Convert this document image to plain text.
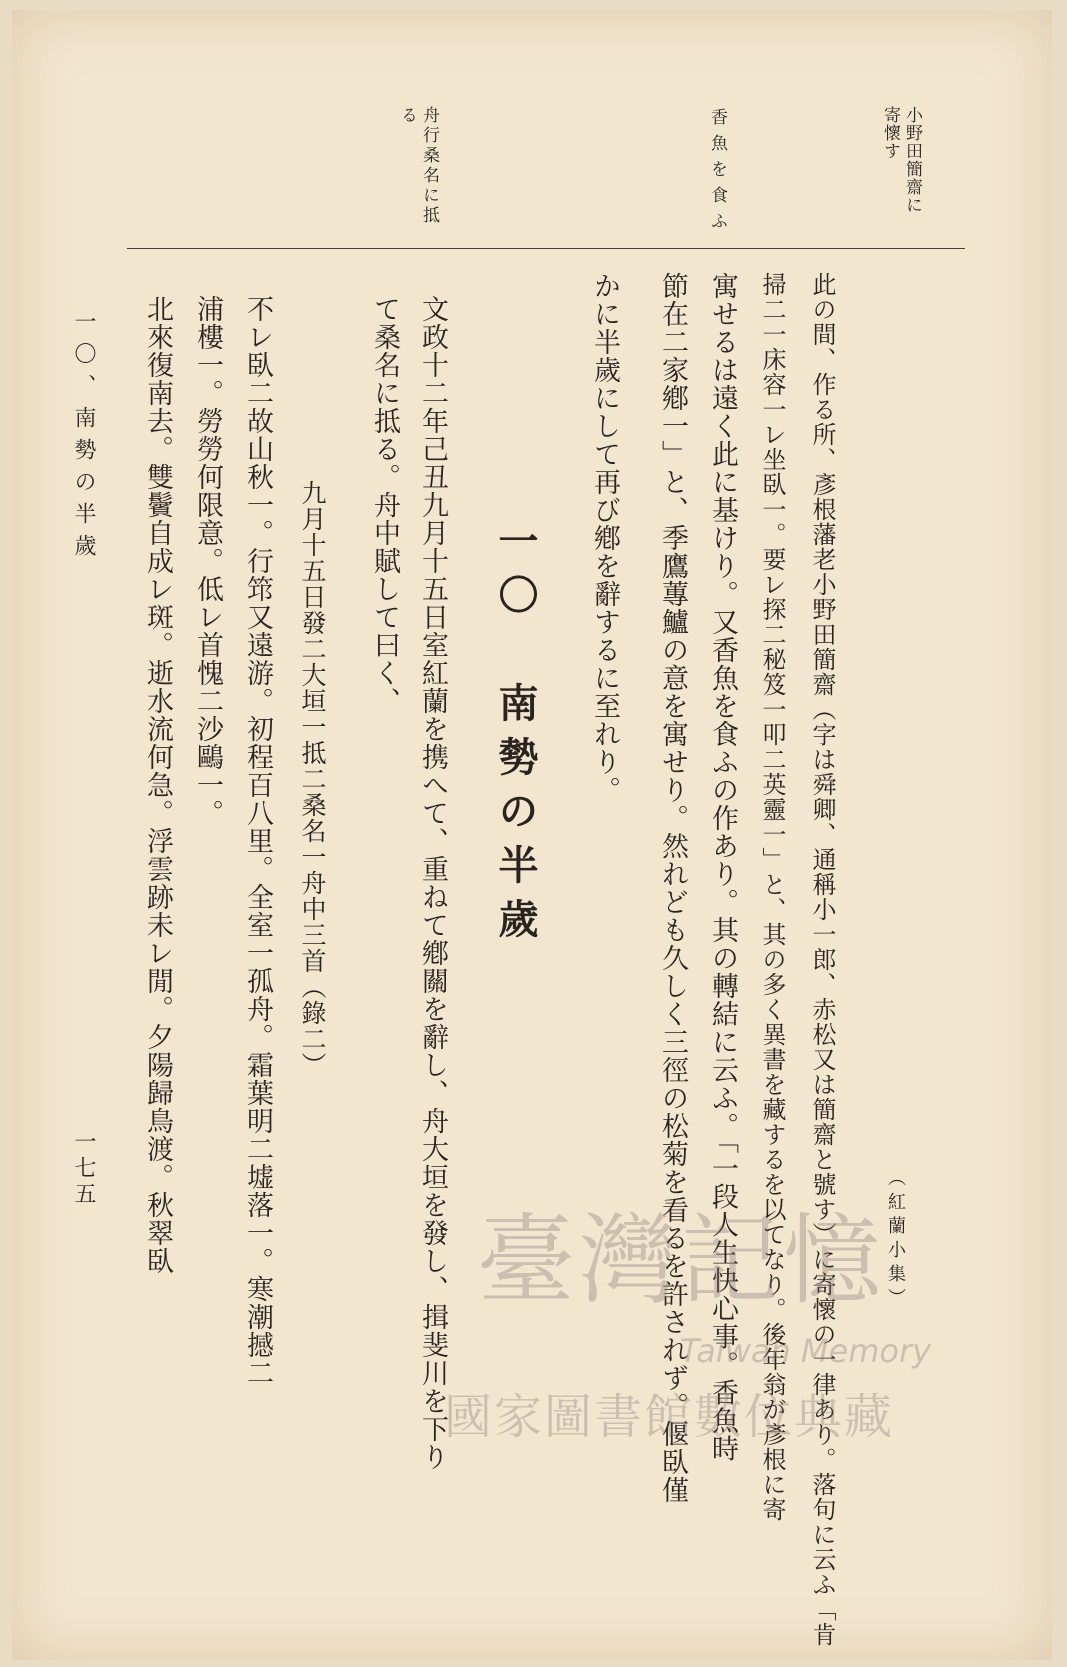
（紅蘭小集）
小野田簡齋に
寄懷す
香魚を食ふ
舟行桑名に抵
る
此の間、作る所、彥根藩老小野田簡齋（字は舜卿、通稱小一郎、赤松又は簡齋と號す）に寄懷の一律あり。落句に云ふ「肯
掃二一床容一レ坐臥一。要レ探二秘笈一叩二英靈一」と、其の多く異書を藏するを以てなり。後年翁が彥根に寄
寓せるは遠く此に基けり。又香魚を食ふの作あり。其の轉結に云ふ。「一段人生快心事。香魚時
節在二家鄕一」と、季鷹蓴鱸の意を寓せり。然れども久しく三徑の松菊を看るを許されず。偃臥僅
かに半歲にして再び鄕を辭するに至れり。
一〇　南勢の半歲
文政十二年己丑九月十五日室紅蘭を携へて、重ねて鄕關を辭し、舟大垣を發し、揖斐川を下り
て桑名に抵る。舟中賦して曰く、
九月十五日發二大垣一抵二桑名一舟中三首（錄二）
不レ臥二故山秋一。行筇又遠游。初程百八里。全室一孤舟。霜葉明二墟落一。寒潮撼二
浦樓一。勞勞何限意。低レ首愧二沙鷗一。
北來復南去。雙鬢自成レ斑。逝水流何急。浮雲跡未レ閒。夕陽歸鳥渡。秋翠臥
一〇、南勢の半歲
一七五
臺灣記憶
Taiwan Memory
國家圖書館數位典藏
